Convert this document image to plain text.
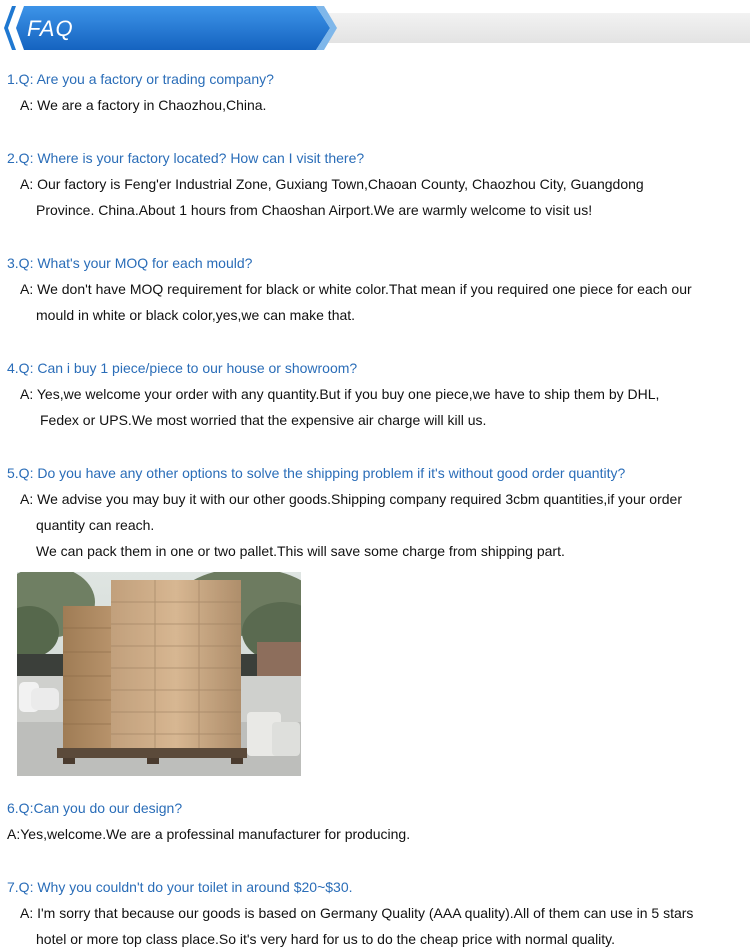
FAQ
1.Q: Are you a factory or trading company?
A: We are a factory in Chaozhou,China.
2.Q: Where is your factory located? How can I visit there?
A: Our factory is Feng'er Industrial Zone, Guxiang Town,Chaoan County, Chaozhou City, Guangdong
Province. China.About 1 hours from Chaoshan Airport.We are warmly welcome to visit us!
3.Q: What's your MOQ for each mould?
A: We don't have MOQ requirement for black or white color.That mean if you required one piece for each our
mould in white or black color,yes,we can make that.
4.Q: Can i buy 1 piece/piece to our house or showroom?
A: Yes,we welcome your order with any quantity.But if you buy one piece,we have to ship them by DHL,
Fedex or UPS.We most worried that the expensive air charge will kill us.
5.Q: Do you have any other options to solve the shipping problem if it's without good order quantity?
A: We advise you may buy it with our other goods.Shipping company required 3cbm quantities,if your order
quantity can reach.
We can pack them in one or two pallet.This will save some charge from shipping part.
6.Q:Can you do our design?
A:Yes,welcome.We are a professinal manufacturer for producing.
7.Q: Why you couldn't do your toilet in around $20~$30.
A: I'm sorry that because our goods is based on Germany Quality (AAA quality).All of them can use in 5 stars
hotel or more top class place.So it's very hard for us to do the cheap price with normal quality.
